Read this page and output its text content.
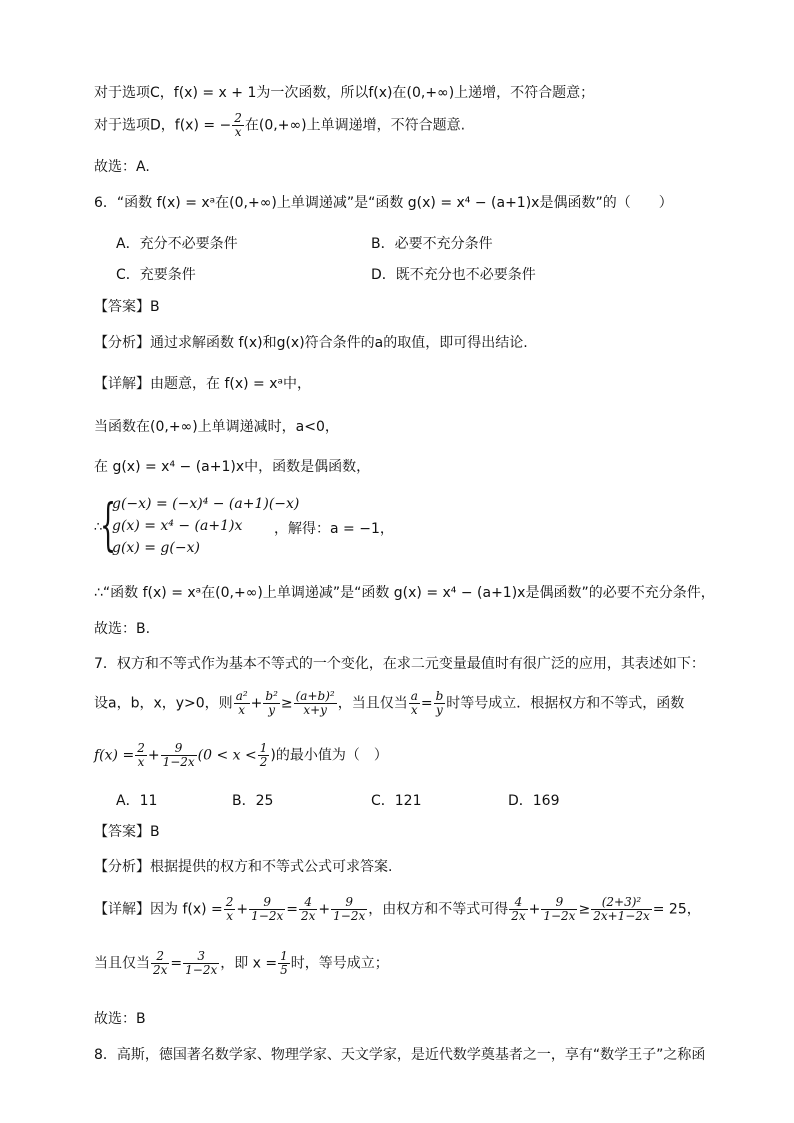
对于选项C，f(x) = x + 1为一次函数，所以f(x)在(0,+∞)上递增，不符合题意；
对于选项D，f(x) = − $\frac{2}{x}$ 在(0,+∞)上单调递增，不符合题意.
故选：A.
6．“函数 f(x) = xᵃ在(0,+∞)上单调递减”是“函数 g(x) = x⁴ − (a+1)x是偶函数”的（　　）
A．充分不必要条件	B．必要不充分条件
C．充要条件	D．既不充分也不必要条件
【答案】B
【分析】通过求解函数 f(x)和g(x)符合条件的a的取值，即可得出结论.
【详解】由题意，在 f(x) = xᵃ中，
当函数在(0,+∞)上单调递减时，a<0，
在 g(x) = x⁴ − (a+1)x中，函数是偶函数，
∴
{
g(−x) = (−x)⁴ − (a+1)(−x)
g(x) = x⁴ − (a+1)x
g(x) = g(−x)
，解得：a = −1，
∴“函数 f(x) = xᵃ在(0,+∞)上单调递减”是“函数 g(x) = x⁴ − (a+1)x是偶函数”的必要不充分条件，
故选：B.
7．权方和不等式作为基本不等式的一个变化，在求二元变量最值时有很广泛的应用，其表述如下：
设a，b，x，y>0，则 $\frac{\text{a²}}{x} + \frac{\text{b²}}{y} \ge \frac{\text{(a+b)²}}{x+y}$ ，当且仅当 $\frac{a}{x} = \frac{b}{y}$ 时等号成立．根据权方和不等式，函数
$f(x) = \frac{2}{x} + \frac{9}{1-2x} (0 < x < \frac{1}{2}$ )的最小值为（　）
A．11	B．25	C．121	D．169
【答案】B
【分析】根据提供的权方和不等式公式可求答案.
【详解】因为 $f(x) = \frac{2}{x} + \frac{9}{1-2x} = \frac{4}{2x} + \frac{9}{1-2x}$ ，由权方和不等式可得 $\frac{4}{2x} + \frac{9}{1-2x} \ge \frac{\text{(2+3)²}}{2x+1-2x} = 25$，
当且仅当 $\frac{2}{2x} = \frac{3}{1-2x}$ ，即 $x = \frac{1}{5}$ 时，等号成立；
故选：B
8．高斯，德国著名数学家、物理学家、天文学家，是近代数学奠基者之一，享有“数学王子”之称函
